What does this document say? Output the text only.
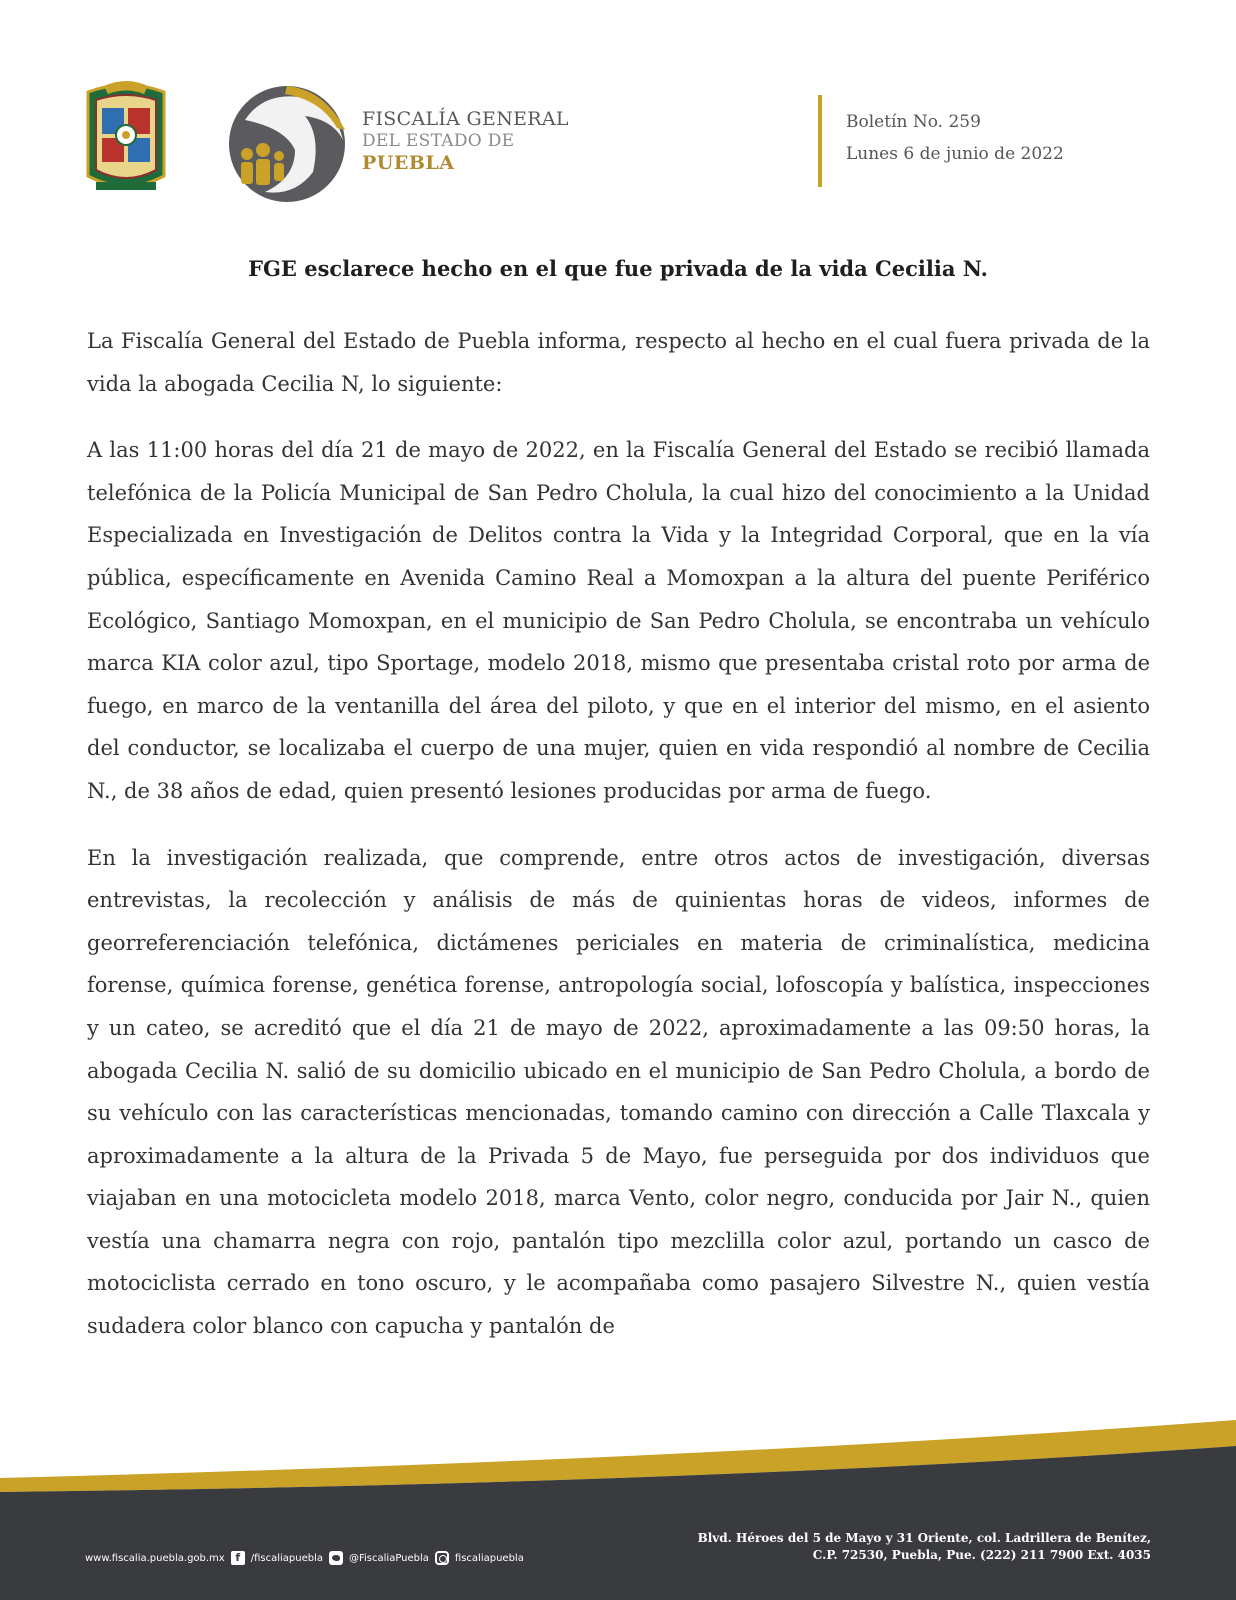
FISCALÍA GENERAL
DEL ESTADO DE
PUEBLA
Boletín No. 259
Lunes 6 de junio de 2022
FGE esclarece hecho en el que fue privada de la vida Cecilia N.

La Fiscalía General del Estado de Puebla informa, respecto al hecho en el cual fuera privada de la vida la abogada Cecilia N, lo siguiente:

A las 11:00 horas del día 21 de mayo de 2022, en la Fiscalía General del Estado se recibió llamada telefónica de la Policía Municipal de San Pedro Cholula, la cual hizo del conocimiento a la Unidad Especializada en Investigación de Delitos contra la Vida y la Integridad Corporal, que en la vía pública, específicamente en Avenida Camino Real a Momoxpan a la altura del puente Periférico Ecológico, Santiago Momoxpan, en el municipio de San Pedro Cholula, se encontraba un vehículo marca KIA color azul, tipo Sportage, modelo 2018, mismo que presentaba cristal roto por arma de fuego, en marco de la ventanilla del área del piloto, y que en el interior del mismo, en el asiento del conductor, se localizaba el cuerpo de una mujer, quien en vida respondió al nombre de Cecilia N., de 38 años de edad, quien presentó lesiones producidas por arma de fuego.

En la investigación realizada, que comprende, entre otros actos de investigación, diversas entrevistas, la recolección y análisis de más de quinientas horas de videos, informes de georreferenciación telefónica, dictámenes periciales en materia de criminalística, medicina forense, química forense, genética forense, antropología social, lofoscopía y balística, inspecciones y un cateo, se acreditó que el día 21 de mayo de 2022, aproximadamente a las 09:50 horas, la abogada Cecilia N. salió de su domicilio ubicado en el municipio de San Pedro Cholula, a bordo de su vehículo con las características mencionadas, tomando camino con dirección a Calle Tlaxcala y aproximadamente a la altura de la Privada 5 de Mayo, fue perseguida por dos individuos que viajaban en una motocicleta modelo 2018, marca Vento, color negro, conducida por Jair N., quien vestía una chamarra negra con rojo, pantalón tipo mezclilla color azul, portando un casco de motociclista cerrado en tono oscuro, y le acompañaba como pasajero Silvestre N., quien vestía sudadera color blanco con capucha y pantalón de

www.fiscalia.puebla.gob.mx f	/fiscaliapuebla	@FiscaliaPuebla	fiscaliapuebla
Blvd. Héroes del 5 de Mayo y 31 Oriente, col. Ladrillera de Benítez,
C.P. 72530, Puebla, Pue. (222) 211 7900 Ext. 4035
